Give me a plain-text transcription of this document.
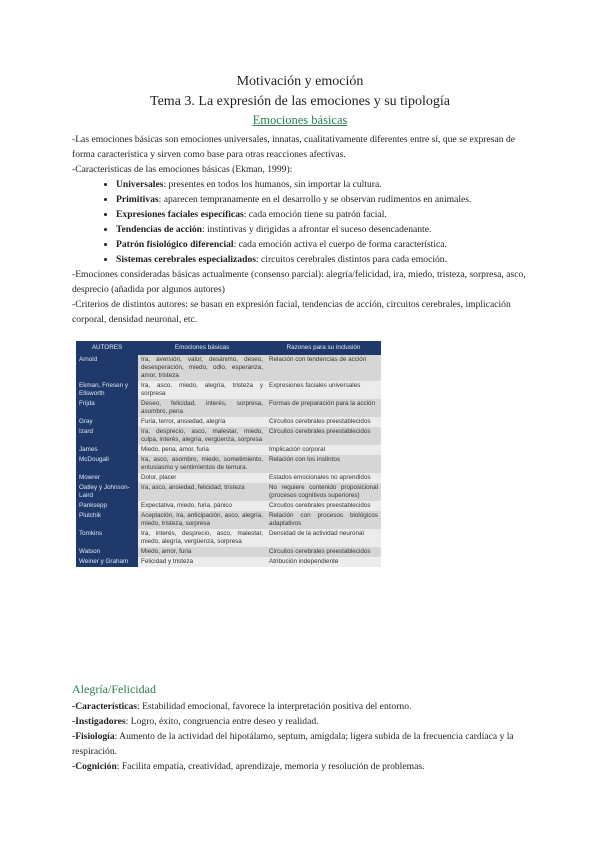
Motivación y emoción
Tema 3. La expresión de las emociones y su tipología
Emociones básicas

-Las emociones básicas son emociones universales, innatas, cualitativamente diferentes entre sí, que se expresan de forma característica y sirven como base para otras reacciones afectivas.

-Características de las emociones básicas (Ekman, 1999):

• Universales: presentes en todos los humanos, sin importar la cultura.
• Primitivas: aparecen tempranamente en el desarrollo y se observan rudimentos en animales.
• Expresiones faciales específicas: cada emoción tiene su patrón facial.
• Tendencias de acción: instintivas y dirigidas a afrontar el suceso desencadenante.
• Patrón fisiológico diferencial: cada emoción activa el cuerpo de forma característica.
• Sistemas cerebrales especializados: circuitos cerebrales distintos para cada emoción.

-Emociones consideradas básicas actualmente (consenso parcial): alegría/felicidad, ira, miedo, tristeza, sorpresa, asco, desprecio (añadida por algunos autores)

-Criterios de distintos autores: se basan en expresión facial, tendencias de acción, circuitos cerebrales, implicación corporal, densidad neuronal, etc.

AUTORES	Emociones básicas	Razones para su inclusión
Arnold	Ira, aversión, valor, desánimo, deseo, desesperación, miedo, odio, esperanza, amor, tristeza	Relación con tendencias de acción
Ekman, Friesen y Ellsworth	Ira, asco, miedo, alegría, tristeza y sorpresa	Expresiones faciales universales
Frijda	Deseo, felicidad, interés, sorpresa, asombro, pena	Formas de preparación para la acción
Gray	Furia, terror, ansiedad, alegría	Circuitos cerebrales preestablecidos
Izard	Ira, desprecio, asco, malestar, miedo, culpa, interés, alegría, vergüenza, sorpresa	Circuitos cerebrales preestablecidos
James	Miedo, pena, amor, furia	Implicación corporal
McDougall	Ira, asco, asombro, miedo, sometimiento, entusiasmo y sentimientos de ternura.	Relación con los instintos
Mowrer	Dolor, placer	Estados emocionales no aprendidos
Oatley y Johnson-Laird	Ira, asco, ansiedad, felicidad, tristeza	No requiere contenido proposicional (procesos cognitivos superiores)
Panksepp	Expectativa, miedo, furia, pánico	Circuitos cerebrales preestablecidos
Plutchik	Aceptación, ira, anticipación, asco, alegría, miedo, tristeza, sorpresa	Relación con procesos biológicos adaptativos
Tomkins	Ira, interés, desprecio, asco, malestar, miedo, alegría, vergüenza, sorpresa	Densidad de la actividad neuronal
Watson	Miedo, amor, furia	Circuitos cerebrales preestablecidos
Weiner y Graham	Felicidad y tristeza	Atribución independiente
Alegría/Felicidad

-Características: Estabilidad emocional, favorece la interpretación positiva del entorno.

-Instigadores: Logro, éxito, congruencia entre deseo y realidad.

-Fisiología: Aumento de la actividad del hipotálamo, septum, amígdala; ligera subida de la frecuencia cardíaca y la respiración.

-Cognición: Facilita empatía, creatividad, aprendizaje, memoria y resolución de problemas.
